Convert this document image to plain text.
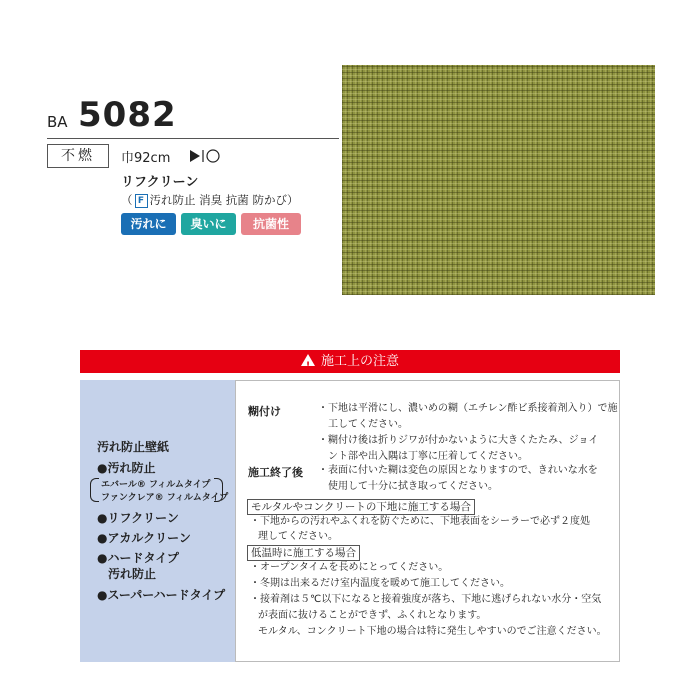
BA 5082
不燃	巾92cm
リフクリーン
（ F 汚れ防止 消臭 抗菌 防かび）
汚れに	臭いに	抗菌性
!施工上の注意
汚れ防止壁紙
●汚れ防止
エバール® フィルムタイプ
ファンクレア® フィルムタイプ
●リフクリーン
●アカルクリーン
●ハードタイプ
汚れ防止
●スーパーハードタイプ
糊付け	・下地は平滑にし、濃いめの糊（エチレン酢ビ系接着剤入り）で施
工してください。
・糊付け後は折りジワが付かないように大きくたたみ、ジョイ
ント部や出入隅は丁寧に圧着してください。
施工終了後 ・表面に付いた糊は変色の原因となりますので、きれいな水を
使用して十分に拭き取ってください。
モルタルやコンクリートの下地に施工する場合
・下地からの汚れやふくれを防ぐために、下地表面をシーラーで必ず２度処
理してください。
低温時に施工する場合
・オープンタイムを長めにとってください。
・冬期は出来るだけ室内温度を暖めて施工してください。
・接着剤は５℃以下になると接着強度が落ち、下地に逃げられない水分・空気
が表面に抜けることができず、ふくれとなります。
モルタル、コンクリート下地の場合は特に発生しやすいのでご注意ください。
